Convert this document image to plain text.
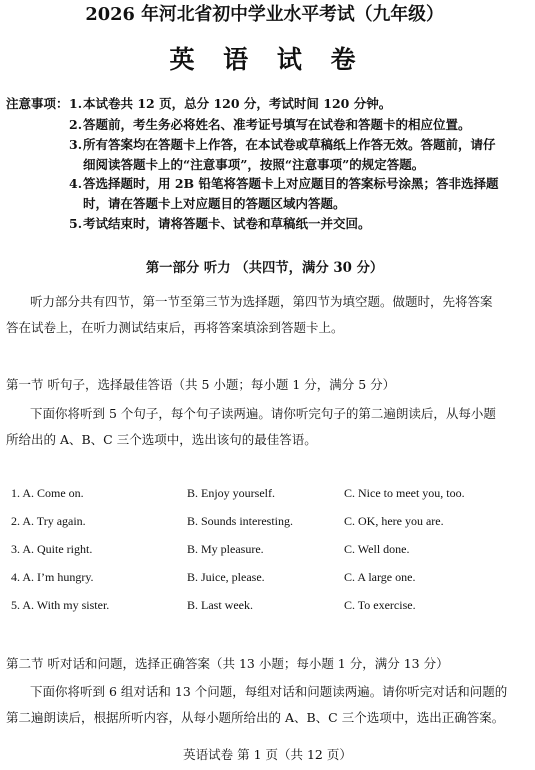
2026 年河北省初中学业水平考试（九年级）
英 语 试 卷
注意事项： 1.本试卷共 12 页，总分 120 分，考试时间 120 分钟。
2.答题前，考生务必将姓名、准考证号填写在试卷和答题卡的相应位置。
3.所有答案均在答题卡上作答，在本试卷或草稿纸上作答无效。答题前，请仔
细阅读答题卡上的“注意事项”，按照“注意事项”的规定答题。
4.答选择题时，用 2B 铅笔将答题卡上对应题目的答案标号涂黑；答非选择题
时，请在答题卡上对应题目的答题区域内答题。
5.考试结束时，请将答题卡、试卷和草稿纸一并交回。
第一部分 听力 （共四节，满分 30 分）
听力部分共有四节，第一节至第三节为选择题，第四节为填空题。做题时，先将答案
答在试卷上，在听力测试结束后，再将答案填涂到答题卡上。
第一节 听句子，选择最佳答语（共 5 小题；每小题 1 分，满分 5 分）
下面你将听到 5 个句子，每个句子读两遍。请你听完句子的第二遍朗读后，从每小题
所给出的 A、B、C 三个选项中，选出该句的最佳答语。
1. A. Come on.	B. Enjoy yourself.	C. Nice to meet you, too.
2. A. Try again.	B. Sounds interesting.	C. OK, here you are.
3. A. Quite right.	B. My pleasure.	C. Well done.
4. A. I’m hungry.	B. Juice, please.	C. A large one.
5. A. With my sister.	B. Last week.	C. To exercise.
第二节 听对话和问题，选择正确答案（共 13 小题；每小题 1 分，满分 13 分）
下面你将听到 6 组对话和 13 个问题，每组对话和问题读两遍。请你听完对话和问题的
第二遍朗读后，根据所听内容，从每小题所给出的 A、B、C 三个选项中，选出正确答案。
英语试卷 第 1 页（共 12 页）
